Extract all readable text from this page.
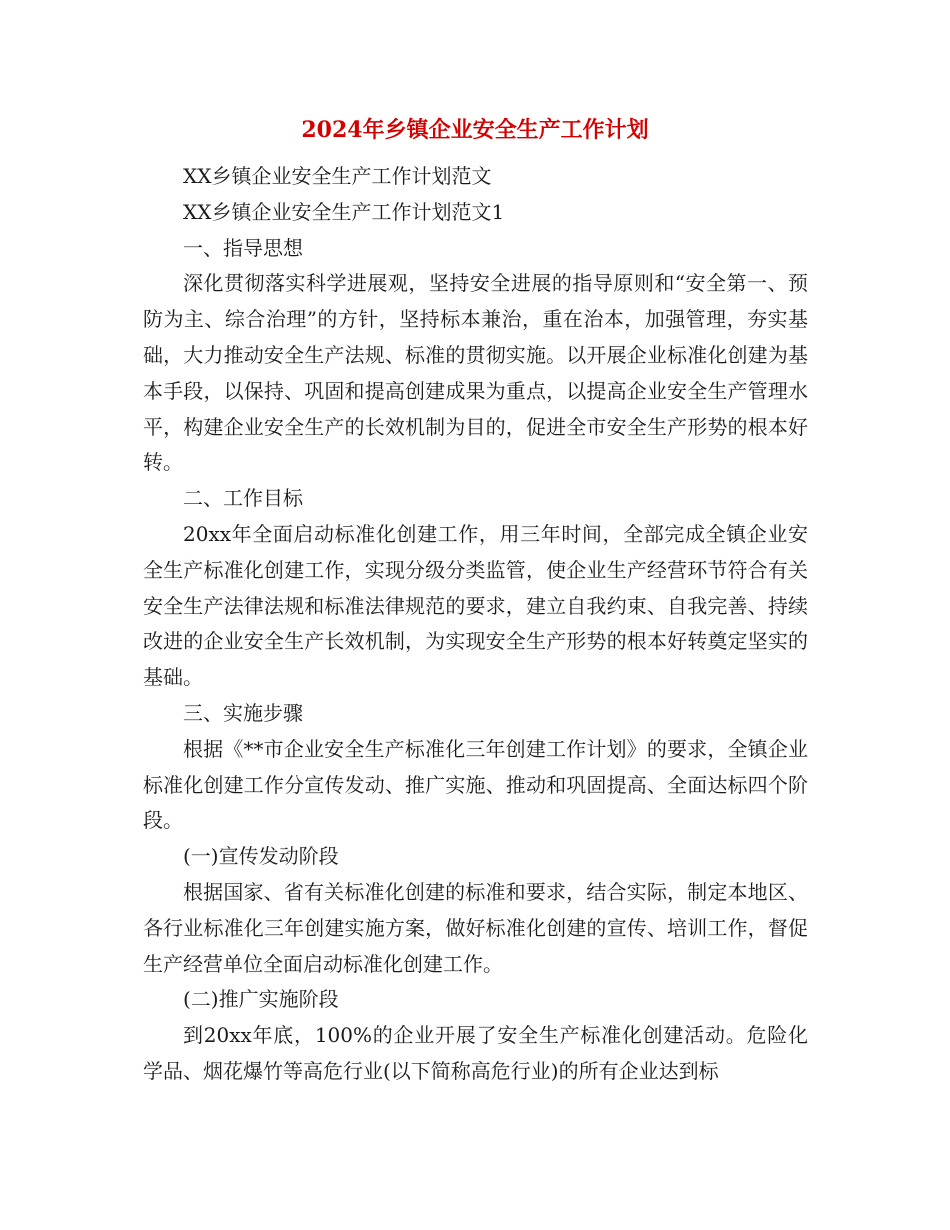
2024年乡镇企业安全生产工作计划

XX乡镇企业安全生产工作计划范文

XX乡镇企业安全生产工作计划范文1

一、指导思想

深化贯彻落实科学进展观，坚持安全进展的指导原则和“安全第一、预防为主、综合治理”的方针，坚持标本兼治，重在治本，加强管理，夯实基础，大力推动安全生产法规、标准的贯彻实施。以开展企业标准化创建为基本手段，以保持、巩固和提高创建成果为重点，以提高企业安全生产管理水平，构建企业安全生产的长效机制为目的，促进全市安全生产形势的根本好转。

二、工作目标

20xx年全面启动标准化创建工作，用三年时间，全部完成全镇企业安全生产标准化创建工作，实现分级分类监管，使企业生产经营环节符合有关安全生产法律法规和标准法律规范的要求，建立自我约束、自我完善、持续改进的企业安全生产长效机制，为实现安全生产形势的根本好转奠定坚实的基础。

三、实施步骤

根据《**市企业安全生产标准化三年创建工作计划》的要求，全镇企业标准化创建工作分宣传发动、推广实施、推动和巩固提高、全面达标四个阶段。

(一)宣传发动阶段

根据国家、省有关标准化创建的标准和要求，结合实际，制定本地区、各行业标准化三年创建实施方案，做好标准化创建的宣传、培训工作，督促生产经营单位全面启动标准化创建工作。

(二)推广实施阶段

到20xx年底，100%的企业开展了安全生产标准化创建活动。危险化学品、烟花爆竹等高危行业(以下简称高危行业)的所有企业达到标
